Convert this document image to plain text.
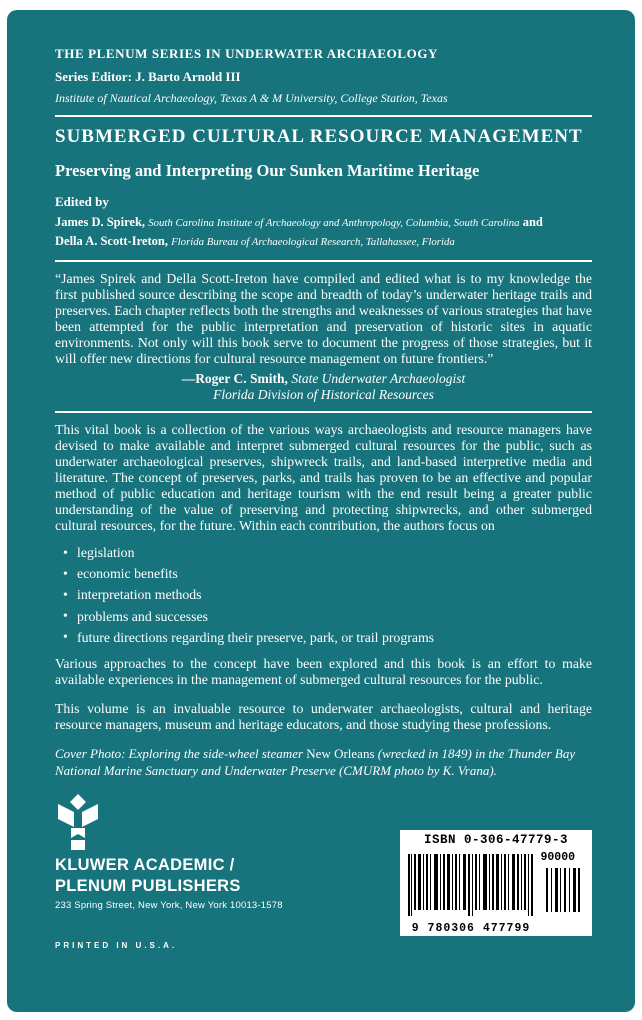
THE PLENUM SERIES IN UNDERWATER ARCHAEOLOGY
Series Editor: J. Barto Arnold III
Institute of Nautical Archaeology, Texas A & M University, College Station, Texas
SUBMERGED CULTURAL RESOURCE MANAGEMENT
Preserving and Interpreting Our Sunken Maritime Heritage
Edited by
James D. Spirek, South Carolina Institute of Archaeology and Anthropology, Columbia, South Carolina and
Della A. Scott-Ireton, Florida Bureau of Archaeological Research, Tallahassee, Florida

“James Spirek and Della Scott-Ireton have compiled and edited what is to my knowledge the first published source describing the scope and breadth of today’s underwater heritage trails and preserves. Each chapter reflects both the strengths and weaknesses of various strategies that have been attempted for the public interpretation and preservation of historic sites in aquatic environments. Not only will this book serve to document the progress of those strategies, but it will offer new directions for cultural resource management on future frontiers.”

—Roger C. Smith, State Underwater Archaeologist
Florida Division of Historical Resources

This vital book is a collection of the various ways archaeologists and resource managers have devised to make available and interpret submerged cultural resources for the public, such as underwater archaeological preserves, shipwreck trails, and land-based interpretive media and literature. The concept of preserves, parks, and trails has proven to be an effective and popular method of public education and heritage tourism with the end result being a greater public understanding of the value of preserving and protecting shipwrecks, and other submerged cultural resources, for the future. Within each contribution, the authors focus on

• legislation
• economic benefits
• interpretation methods
• problems and successes
• future directions regarding their preserve, park, or trail programs

Various approaches to the concept have been explored and this book is an effort to make available experiences in the management of submerged cultural resources for the public.

This volume is an invaluable resource to underwater archaeologists, cultural and heritage resource managers, museum and heritage educators, and those studying these professions.

Cover Photo: Exploring the side-wheel steamer New Orleans (wrecked in 1849) in the Thunder Bay National Marine Sanctuary and Underwater Preserve (CMURM photo by K. Vrana).

KLUWER ACADEMIC /
PLENUM PUBLISHERS
233 Spring Street, New York, New York 10013-1578
PRINTED IN U.S.A.
ISBN 0-306-47779-3
90000
9 780306 477799
